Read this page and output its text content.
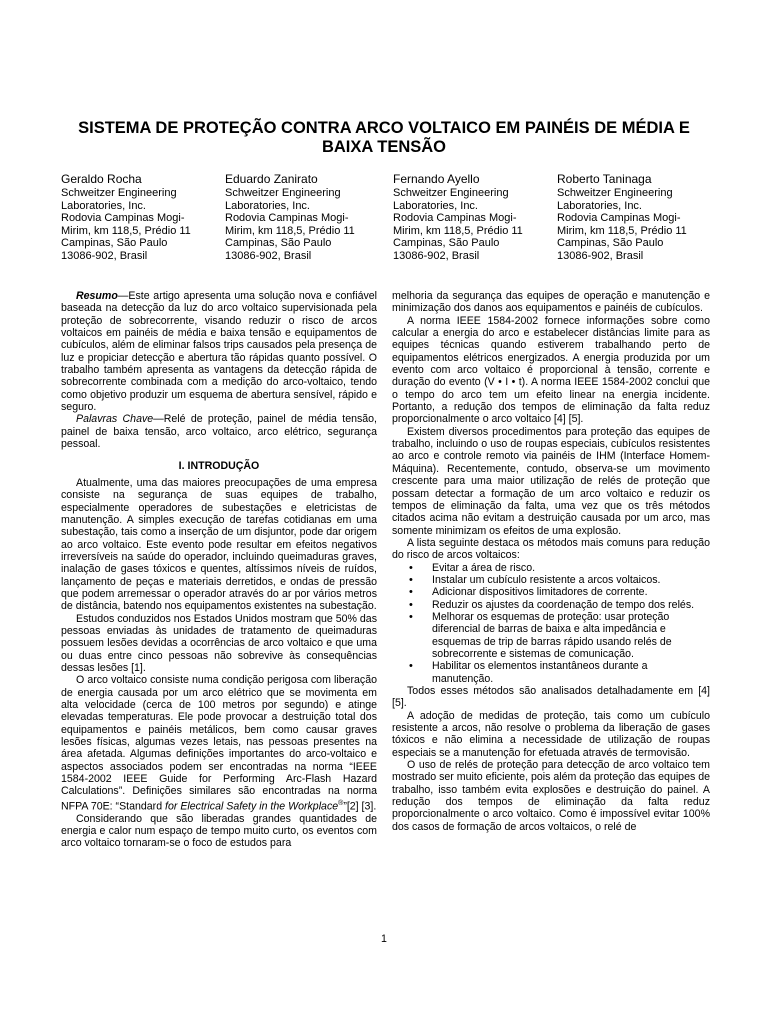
SISTEMA DE PROTEÇÃO CONTRA ARCO VOLTAICO EM PAINÉIS DE MÉDIA E BAIXA TENSÃO
Geraldo Rocha
Schweitzer Engineering
Laboratories, Inc.
Rodovia Campinas Mogi-
Mirim, km 118,5, Prédio 11
Campinas, São Paulo
13086-902, Brasil
Eduardo Zanirato
Schweitzer Engineering
Laboratories, Inc.
Rodovia Campinas Mogi-
Mirim, km 118,5, Prédio 11
Campinas, São Paulo
13086-902, Brasil
Fernando Ayello
Schweitzer Engineering
Laboratories, Inc.
Rodovia Campinas Mogi-
Mirim, km 118,5, Prédio 11
Campinas, São Paulo
13086-902, Brasil
Roberto Taninaga
Schweitzer Engineering
Laboratories, Inc.
Rodovia Campinas Mogi-
Mirim, km 118,5, Prédio 11
Campinas, São Paulo
13086-902, Brasil

Resumo—Este artigo apresenta uma solução nova e confiável baseada na detecção da luz do arco voltaico supervisionada pela proteção de sobrecorrente, visando reduzir o risco de arcos voltaicos em painéis de média e baixa tensão e equipamentos de cubículos, além de eliminar falsos trips causados pela presença de luz e propiciar detecção e abertura tão rápidas quanto possível. O trabalho também apresenta as vantagens da detecção rápida de sobrecorrente combinada com a medição do arco-voltaico, tendo como objetivo produzir um esquema de abertura sensível, rápido e seguro.

Palavras Chave—Relé de proteção, painel de média tensão, painel de baixa tensão, arco voltaico, arco elétrico, segurança pessoal.

I. INTRODUÇÃO

Atualmente, uma das maiores preocupações de uma empresa consiste na segurança de suas equipes de trabalho, especialmente operadores de subestações e eletricistas de manutenção. A simples execução de tarefas cotidianas em uma subestação, tais como a inserção de um disjuntor, pode dar origem ao arco voltaico. Este evento pode resultar em efeitos negativos irreversíveis na saúde do operador, incluindo queimaduras graves, inalação de gases tóxicos e quentes, altíssimos níveis de ruídos, lançamento de peças e materiais derretidos, e ondas de pressão que podem arremessar o operador através do ar por vários metros de distância, batendo nos equipamentos existentes na subestação.

Estudos conduzidos nos Estados Unidos mostram que 50% das pessoas enviadas às unidades de tratamento de queimaduras possuem lesões devidas a ocorrências de arco voltaico e que uma ou duas entre cinco pessoas não sobrevive às consequências dessas lesões [1].

O arco voltaico consiste numa condição perigosa com liberação de energia causada por um arco elétrico que se movimenta em alta velocidade (cerca de 100 metros por segundo) e atinge elevadas temperaturas. Ele pode provocar a destruição total dos equipamentos e painéis metálicos, bem como causar graves lesões físicas, algumas vezes letais, nas pessoas presentes na área afetada. Algumas definições importantes do arco-voltaico e aspectos associados podem ser encontradas na norma “IEEE 1584-2002 IEEE Guide for Performing Arc-Flash Hazard Calculations”. Definições similares são encontradas na norma NFPA 70E: “Standard for Electrical Safety in the Workplace®”[2] [3].

Considerando que são liberadas grandes quantidades de energia e calor num espaço de tempo muito curto, os eventos com arco voltaico tornaram-se o foco de estudos para

melhoria da segurança das equipes de operação e manutenção e minimização dos danos aos equipamentos e painéis de cubículos.

A norma IEEE 1584-2002 fornece informações sobre como calcular a energia do arco e estabelecer distâncias limite para as equipes técnicas quando estiverem trabalhando perto de equipamentos elétricos energizados. A energia produzida por um evento com arco voltaico é proporcional à tensão, corrente e duração do evento (V • I • t). A norma IEEE 1584-2002 conclui que o tempo do arco tem um efeito linear na energia incidente. Portanto, a redução dos tempos de eliminação da falta reduz proporcionalmente o arco voltaico [4] [5].

Existem diversos procedimentos para proteção das equipes de trabalho, incluindo o uso de roupas especiais, cubículos resistentes ao arco e controle remoto via painéis de IHM (Interface Homem-Máquina). Recentemente, contudo, observa-se um movimento crescente para uma maior utilização de relés de proteção que possam detectar a formação de um arco voltaico e reduzir os tempos de eliminação da falta, uma vez que os três métodos citados acima não evitam a destruição causada por um arco, mas somente minimizam os efeitos de uma explosão.

A lista seguinte destaca os métodos mais comuns para redução do risco de arcos voltaicos:

• Evitar a área de risco.
• Instalar um cubículo resistente a arcos voltaicos.
• Adicionar dispositivos limitadores de corrente.
• Reduzir os ajustes da coordenação de tempo dos relés.
• Melhorar os esquemas de proteção: usar proteção diferencial de barras de baixa e alta impedância e esquemas de trip de barras rápido usando relés de sobrecorrente e sistemas de comunicação.
• Habilitar os elementos instantâneos durante a manutenção.

Todos esses métodos são analisados detalhadamente em [4] [5].

A adoção de medidas de proteção, tais como um cubículo resistente a arcos, não resolve o problema da liberação de gases tóxicos e não elimina a necessidade de utilização de roupas especiais se a manutenção for efetuada através de termovisão.

O uso de relés de proteção para detecção de arco voltaico tem mostrado ser muito eficiente, pois além da proteção das equipes de trabalho, isso também evita explosões e destruição do painel. A redução dos tempos de eliminação da falta reduz proporcionalmente o arco voltaico. Como é impossível evitar 100% dos casos de formação de arcos voltaicos, o relé de

1
